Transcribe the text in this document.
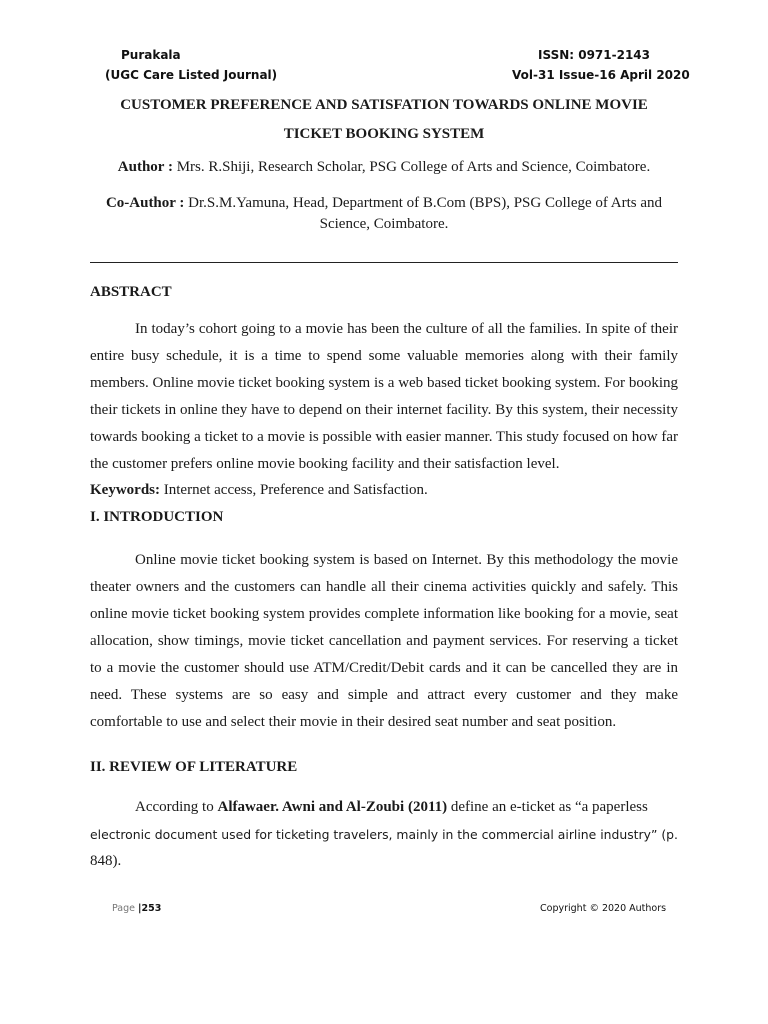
Purakala
(UGC Care Listed Journal)
ISSN: 0971-2143
Vol-31 Issue-16 April 2020
CUSTOMER PREFERENCE AND SATISFATION TOWARDS ONLINE MOVIE
TICKET BOOKING SYSTEM
Author : Mrs. R.Shiji, Research Scholar, PSG College of Arts and Science, Coimbatore.
Co-Author : Dr.S.M.Yamuna, Head, Department of B.Com (BPS), PSG College of Arts and
Science, Coimbatore.
ABSTRACT

In today’s cohort going to a movie has been the culture of all the families. In spite of their entire busy schedule, it is a time to spend some valuable memories along with their family members. Online movie ticket booking system is a web based ticket booking system. For booking their tickets in online they have to depend on their internet facility. By this system, their necessity towards booking a ticket to a movie is possible with easier manner. This study focused on how far the customer prefers online movie booking facility and their satisfaction level.

Keywords: Internet access, Preference and Satisfaction.
I. INTRODUCTION

Online movie ticket booking system is based on Internet. By this methodology the movie theater owners and the customers can handle all their cinema activities quickly and safely. This online movie ticket booking system provides complete information like booking for a movie, seat allocation, show timings, movie ticket cancellation and payment services. For reserving a ticket to a movie the customer should use ATM/Credit/Debit cards and it can be cancelled they are in need. These systems are so easy and simple and attract every customer and they make comfortable to use and select their movie in their desired seat number and seat position.

II. REVIEW OF LITERATURE

According to Alfawaer. Awni and Al-Zoubi (2011) define an e-ticket as “a paperless
electronic document used for ticketing travelers, mainly in the commercial airline industry” (p.
848).

Page |253	Copyright © 2020 Authors
